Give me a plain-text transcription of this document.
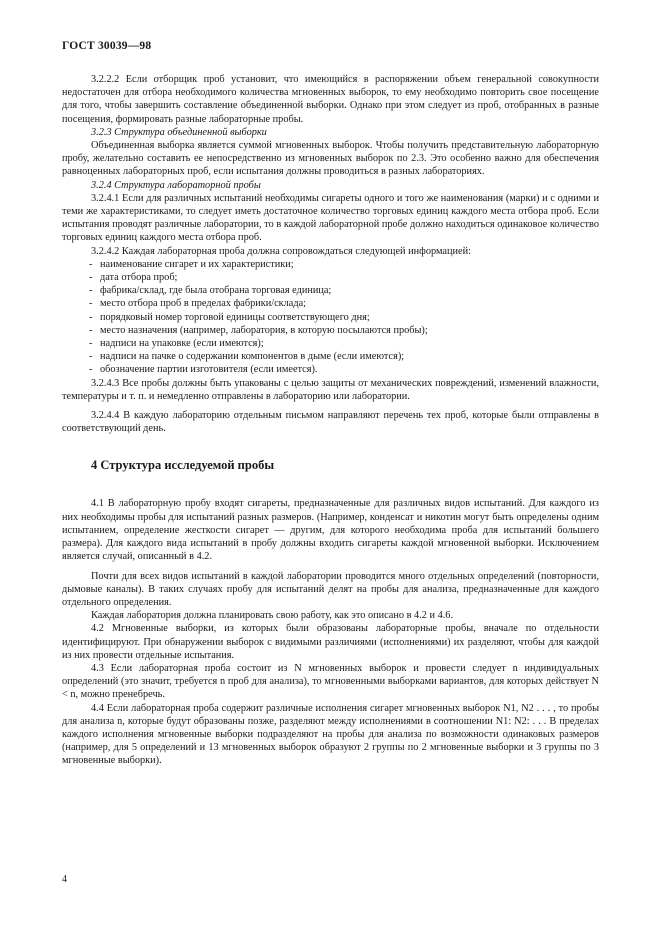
ГОСТ 30039—98

3.2.2.2 Если отборщик проб установит, что имеющийся в распоряжении объем генеральной совокупности недостаточен для отбора необходимого количества мгновенных выборок, то ему необходимо повторить свое посещение для того, чтобы завершить составление объединенной выборки. Однако при этом следует из проб, отобранных в разные посещения, формировать разные лабораторные пробы.

3.2.3 Структура объединенной выборки

Объединенная выборка является суммой мгновенных выборок. Чтобы получить представительную лабораторную пробу, желательно составить ее непосредственно из мгновенных выборок по 2.3. Это особенно важно для обеспечения равноценных лабораторных проб, если испытания должны проводиться в разных лабораториях.

3.2.4 Структура лабораторной пробы

3.2.4.1 Если для различных испытаний необходимы сигареты одного и того же наименования (марки) и с одними и теми же характеристиками, то следует иметь достаточное количество торговых единиц каждого места отбора проб. Если испытания проводят различные лаборатории, то в каждой лабораторной пробе должно находиться одинаковое количество торговых единиц каждого места отбора проб.

3.2.4.2 Каждая лабораторная проба должна сопровождаться следующей информацией:

- наименование сигарет и их характеристики;
- дата отбора проб;
- фабрика/склад, где была отобрана торговая единица;
- место отбора проб в пределах фабрики/склада;
- порядковый номер торговой единицы соответствующего дня;
- место назначения (например, лаборатория, в которую посылаются пробы);
- надписи на упаковке (если имеются);
- надписи на пачке о содержании компонентов в дыме (если имеются);
- обозначение партии изготовителя (если имеется).

3.2.4.3 Все пробы должны быть упакованы с целью защиты от механических повреждений, изменений влажности, температуры и т. п. и немедленно отправлены в лабораторию или лаборатории.

3.2.4.4 В каждую лабораторию отдельным письмом направляют перечень тех проб, которые были отправлены в соответствующий день.

4 Структура исследуемой пробы

4.1 В лабораторную пробу входят сигареты, предназначенные для различных видов испытаний. Для каждого из них необходимы пробы для испытаний разных размеров. (Например, конденсат и никотин могут быть определены одним испытанием, определение жесткости сигарет — другим, для которого необходима проба для испытаний большего размера). Для каждого вида испытаний в пробу должны входить сигареты каждой мгновенной выборки. Исключением является случай, описанный в 4.2.

Почти для всех видов испытаний в каждой лаборатории проводится много отдельных определений (повторности, дымовые каналы). В таких случаях пробу для испытаний делят на пробы для анализа, предназначенные для каждого отдельного определения.

Каждая лаборатория должна планировать свою работу, как это описано в 4.2 и 4.6.

4.2 Мгновенные выборки, из которых были образованы лабораторные пробы, вначале по отдельности идентифицируют. При обнаружении выборок с видимыми различиями (исполнениями) их разделяют, чтобы для каждой из них провести отдельные испытания.

4.3 Если лабораторная проба состоит из N мгновенных выборок и провести следует n индивидуальных определений (это значит, требуется n проб для анализа), то мгновенными выборками вариантов, для которых действует N < n, можно пренебречь.

4.4 Если лабораторная проба содержит различные исполнения сигарет мгновенных выборок N1, N2 . . . , то пробы для анализа n, которые будут образованы позже, разделяют между исполнениями в соотношении N1: N2: . . . В пределах каждого исполнения мгновенные выборки подразделяют на пробы для анализа по возможности одинаковых размеров (например, для 5 определений и 13 мгновенных выборок образуют 2 группы по 2 мгновенные выборки и 3 группы по 3 мгновенные выборки).

4
